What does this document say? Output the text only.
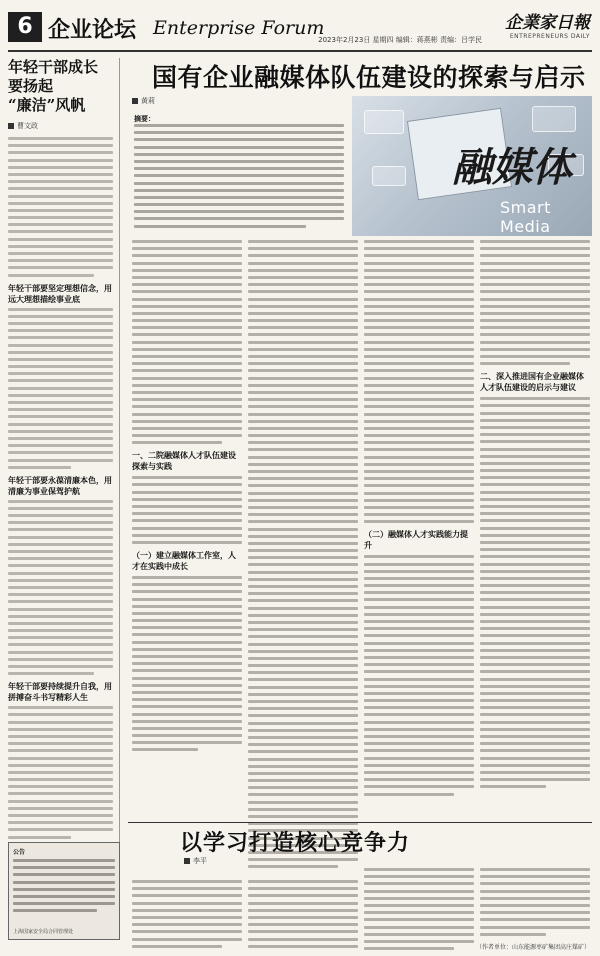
6 企业论坛 Enterprise Forum
2023年2月23日 星期四 编辑：蒋燕彬 责编：吕学民
企業家日報
ENTREPRENEURS DAILY
年轻干部成长
要扬起
“廉洁”风帆
曹文政
年轻干部要坚定理想信念，用远大理想描绘事业底
年轻干部要永葆清廉本色，用清廉为事业保驾护航
年轻干部要持续提升自我，用拼搏奋斗书写精彩人生
公告
上海国家安全局合同管理处
国有企业融媒体队伍建设的探索与启示
黄莉
摘要：
融媒体
Smart Media
一、二院融媒体人才队伍建设探索与实践
（一）建立融媒体工作室，人才在实践中成长
（二）融媒体人才实践能力提升
二、深入推进国有企业融媒体人才队伍建设的启示与建议
以学习打造核心竞争力
李平
（作者单位：山东能源枣矿集团高庄煤矿）
